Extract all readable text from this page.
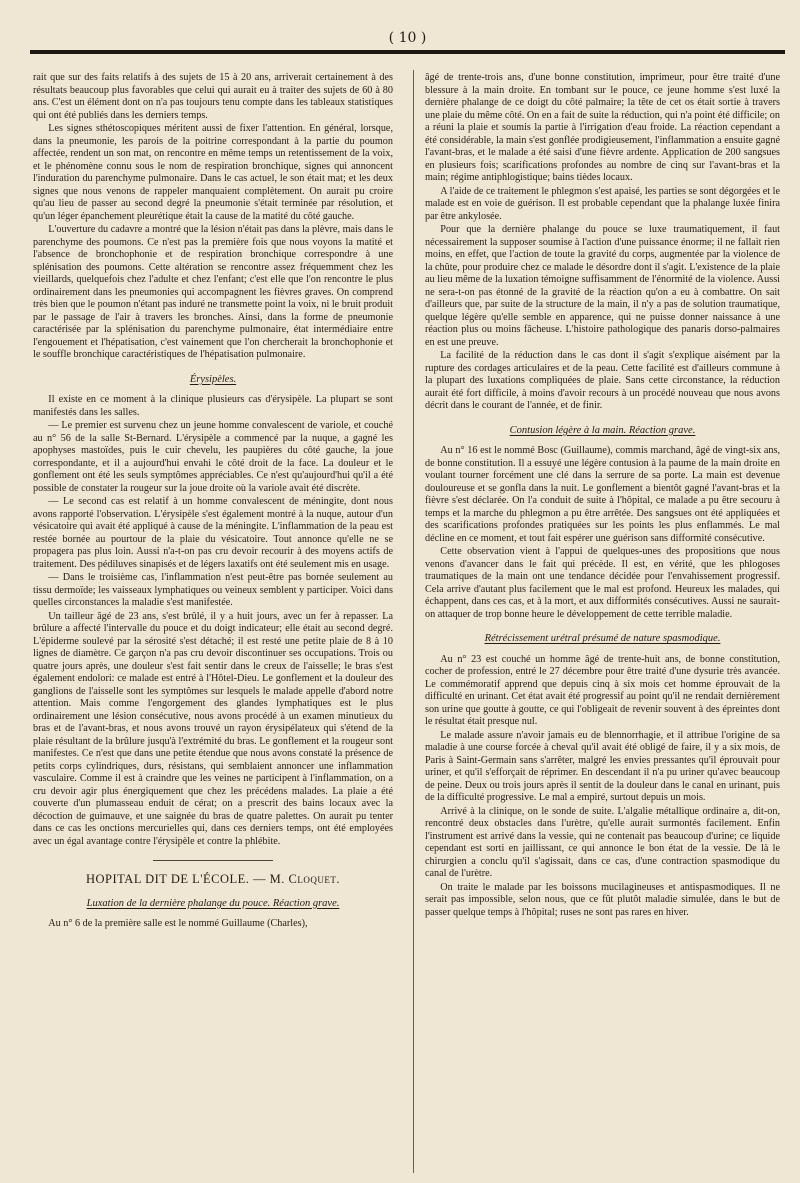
( 10 )

rait que sur des faits relatifs à des sujets de 15 à 20 ans, arriverait certainement à des résultats beaucoup plus favorables que celui qui aurait eu à traiter des sujets de 60 à 80 ans. C'est un élément dont on n'a pas toujours tenu compte dans les tableaux statistiques qui ont été publiés dans les derniers temps.

Les signes sthétoscopiques méritent aussi de fixer l'attention. En général, lorsque, dans la pneumonie, les parois de la poitrine correspondant à la partie du poumon affectée, rendent un son mat, on rencontre en même temps un retentissement de la voix, et le phénomène connu sous le nom de respiration bronchique, signes qui annoncent l'induration du parenchyme pulmonaire. Dans le cas actuel, le son était mat; et les deux signes que nous venons de rappeler manquaient complètement. On aurait pu croire qu'au lieu de passer au second degré la pneumonie s'était terminée par résolution, et qu'un léger épanchement pleurétique était la cause de la matité du côté gauche.

L'ouverture du cadavre a montré que la lésion n'était pas dans la plèvre, mais dans le parenchyme des poumons. Ce n'est pas la première fois que nous voyons la matité et l'absence de bronchophonie et de respiration bronchique correspondre à une splénisation des poumons. Cette altération se rencontre assez fréquemment chez les vieillards, quelquefois chez l'adulte et chez l'enfant; c'est elle que l'on rencontre le plus ordinairement dans les pneumonies qui accompagnent les fièvres graves. On comprend très bien que le poumon n'étant pas induré ne transmette point la voix, ni le bruit produit par le passage de l'air à travers les bronches. Ainsi, dans la forme de pneumonie caractérisée par la splénisation du parenchyme pulmonaire, état intermédiaire entre l'engouement et l'hépatisation, c'est vainement que l'on chercherait la bronchophonie et le souffle bronchique caractéristiques de l'hépatisation pulmonaire.

Érysipèles.

Il existe en ce moment à la clinique plusieurs cas d'érysipèle. La plupart se sont manifestés dans les salles.

— Le premier est survenu chez un jeune homme convalescent de variole, et couché au n° 56 de la salle St-Bernard. L'érysipèle a commencé par la nuque, a gagné les apophyses mastoïdes, puis le cuir chevelu, les paupières du côté gauche, la joue correspondante, et il a aujourd'hui envahi le côté droit de la face. La douleur et le gonflement ont été les seuls symptômes appréciables. Ce n'est qu'aujourd'hui qu'il a été possible de constater la rougeur sur la joue droite où la variole avait été discrète.

— Le second cas est relatif à un homme convalescent de méningite, dont nous avons rapporté l'observation. L'érysipèle s'est également montré à la nuque, autour d'un vésicatoire qui avait été appliqué à cause de la méningite. L'inflammation de la peau est restée bornée au pourtour de la plaie du vésicatoire. Tout annonce qu'elle ne se propagera pas plus loin. Aussi n'a-t-on pas cru devoir recourir à des moyens actifs de traitement. Des pédiluves sinapisés et de légers laxatifs ont été seulement mis en usage.

— Dans le troisième cas, l'inflammation n'est peut-être pas bornée seulement au tissu dermoïde; les vaisseaux lymphatiques ou veineux semblent y participer. Voici dans quelles circonstances la maladie s'est manifestée.

Un tailleur âgé de 23 ans, s'est brûlé, il y a huit jours, avec un fer à repasser. La brûlure a affecté l'intervalle du pouce et du doigt indicateur; elle était au second degré. L'épiderme soulevé par la sérosité s'est détaché; il est resté une petite plaie de 8 à 10 lignes de diamètre. Ce garçon n'a pas cru devoir discontinuer ses occupations. Trois ou quatre jours après, une douleur s'est fait sentir dans le creux de l'aisselle; le bras s'est également endolori: ce malade est entré à l'Hôtel-Dieu. Le gonflement et la douleur des ganglions de l'aisselle sont les symptômes sur lesquels le malade appelle d'abord notre attention. Mais comme l'engorgement des glandes lymphatiques est le plus ordinairement une lésion consécutive, nous avons procédé à un examen minutieux du bras et de l'avant-bras, et nous avons trouvé un rayon érysipélateux qui s'étend de la plaie résultant de la brûlure jusqu'à l'extrémité du bras. Le gonflement et la rougeur sont manifestes. Ce n'est que dans une petite étendue que nous avons constaté la présence de petits corps cylindriques, durs, résistans, qui semblaient annoncer une inflammation vasculaire. Comme il est à craindre que les veines ne participent à l'inflammation, on a cru devoir agir plus énergiquement que chez les précédens malades. La plaie a été couverte d'un plumasseau enduit de cérat; on a prescrit des bains locaux avec la décoction de guimauve, et une saignée du bras de quatre palettes. On aurait pu tenter dans ce cas les onctions mercurielles qui, dans ces derniers temps, ont été employées avec un égal avantage contre l'érysipèle et contre la phlébite.

HOPITAL DIT DE L'ÉCOLE. — M. Cloquet.
Luxation de la dernière phalange du pouce. Réaction grave.

Au n° 6 de la première salle est le nommé Guillaume (Charles),

âgé de trente-trois ans, d'une bonne constitution, imprimeur, pour être traité d'une blessure à la main droite. En tombant sur le pouce, ce jeune homme s'est luxé la dernière phalange de ce doigt du côté palmaire; la tête de cet os était sortie à travers une plaie du même côté. On en a fait de suite la réduction, qui n'a point été difficile; on a réuni la plaie et soumis la partie à l'irrigation d'eau froide. La réaction cependant a été considérable, la main s'est gonflée prodigieusement, l'inflammation a ensuite gagné l'avant-bras, et le malade a été saisi d'une fièvre ardente. Application de 200 sangsues en plusieurs fois; scarifications profondes au nombre de cinq sur l'avant-bras et la main; régime antiphlogistique; bains tièdes locaux.

A l'aide de ce traitement le phlegmon s'est apaisé, les parties se sont dégorgées et le malade est en voie de guérison. Il est probable cependant que la phalange luxée finira par être ankylosée.

Pour que la dernière phalange du pouce se luxe traumatiquement, il faut nécessairement la supposer soumise à l'action d'une puissance énorme; il ne fallait rien moins, en effet, que l'action de toute la gravité du corps, augmentée par la violence de la chûte, pour produire chez ce malade le désordre dont il s'agit. L'existence de la plaie au lieu même de la luxation témoigne suffisamment de l'énormité de la violence. Aussi ne sera-t-on pas étonné de la gravité de la réaction qu'on a eu à combattre. On sait d'ailleurs que, par suite de la structure de la main, il n'y a pas de solution traumatique, quelque légère qu'elle semble en apparence, qui ne puisse donner naissance à une réaction plus ou moins fâcheuse. L'histoire pathologique des panaris dorso-palmaires en est une preuve.

La facilité de la réduction dans le cas dont il s'agit s'explique aisément par la rupture des cordages articulaires et de la peau. Cette facilité est d'ailleurs commune à la plupart des luxations compliquées de plaie. Sans cette circonstance, la réduction aurait été fort difficile, à moins d'avoir recours à un procédé nouveau que nous avons décrit dans le courant de l'année, et de finir.

Contusion légère à la main. Réaction grave.

Au n° 16 est le nommé Bosc (Guillaume), commis marchand, âgé de vingt-six ans, de bonne constitution. Il a essuyé une légère contusion à la paume de la main droite en voulant tourner forcément une clé dans la serrure de sa porte. La main est devenue douloureuse et se gonfla dans la nuit. Le gonflement a bientôt gagné l'avant-bras et la fièvre s'est déclarée. On l'a conduit de suite à l'hôpital, ce malade a pu être secouru à temps et la marche du phlegmon a pu être arrêtée. Des sangsues ont été appliquées et des scarifications profondes pratiquées sur les points les plus enflammés. Le mal décline en ce moment, et tout fait espérer une guérison sans difformité consécutive.

Cette observation vient à l'appui de quelques-unes des propositions que nous venons d'avancer dans le fait qui précède. Il est, en vérité, que les phlogoses traumatiques de la main ont une tendance décidée pour l'envahissement progressif. Cela arrive d'autant plus facilement que le mal est profond. Heureux les malades, qui échappent, dans ces cas, et à la mort, et aux difformités consécutives. Aussi ne saurait-on attaquer de trop bonne heure le développement de cette terrible maladie.

Rétrécissement urétral présumé de nature spasmodique.

Au n° 23 est couché un homme âgé de trente-huit ans, de bonne constitution, cocher de profession, entré le 27 décembre pour être traité d'une dysurie très avancée. Le commémoratif apprend que depuis cinq à six mois cet homme éprouvait de la difficulté en urinant. Cet état avait été progressif au point qu'il ne rendait dernièrement son urine que goutte à goutte, ce qui l'obligeait de revenir souvent à des épreintes dont le résultat était presque nul.

Le malade assure n'avoir jamais eu de blennorrhagie, et il attribue l'origine de sa maladie à une course forcée à cheval qu'il avait été obligé de faire, il y a six mois, de Paris à Saint-Germain sans s'arrêter, malgré les envies pressantes qu'il éprouvait pour uriner, et qu'il s'efforçait de réprimer. En descendant il n'a pu uriner qu'avec beaucoup de peine. Deux ou trois jours après il sentit de la douleur dans le canal en urinant, puis de la difficulté progressive. Le mal a empiré, surtout depuis un mois.

Arrivé à la clinique, on le sonde de suite. L'algalie métallique ordinaire a, dit-on, rencontré deux obstacles dans l'urètre, qu'elle aurait surmontés facilement. Enfin l'instrument est arrivé dans la vessie, qui ne contenait pas beaucoup d'urine; ce liquide cependant est sorti en jaillissant, ce qui annonce le bon état de la vessie. De là le chirurgien a conclu qu'il s'agissait, dans ce cas, d'une contraction spasmodique du canal de l'urètre.

On traite le malade par les boissons mucilagineuses et antispasmodiques. Il ne serait pas impossible, selon nous, que ce fût plutôt maladie simulée, dans le but de passer quelque temps à l'hôpital; ruses ne sont pas rares en hiver.
